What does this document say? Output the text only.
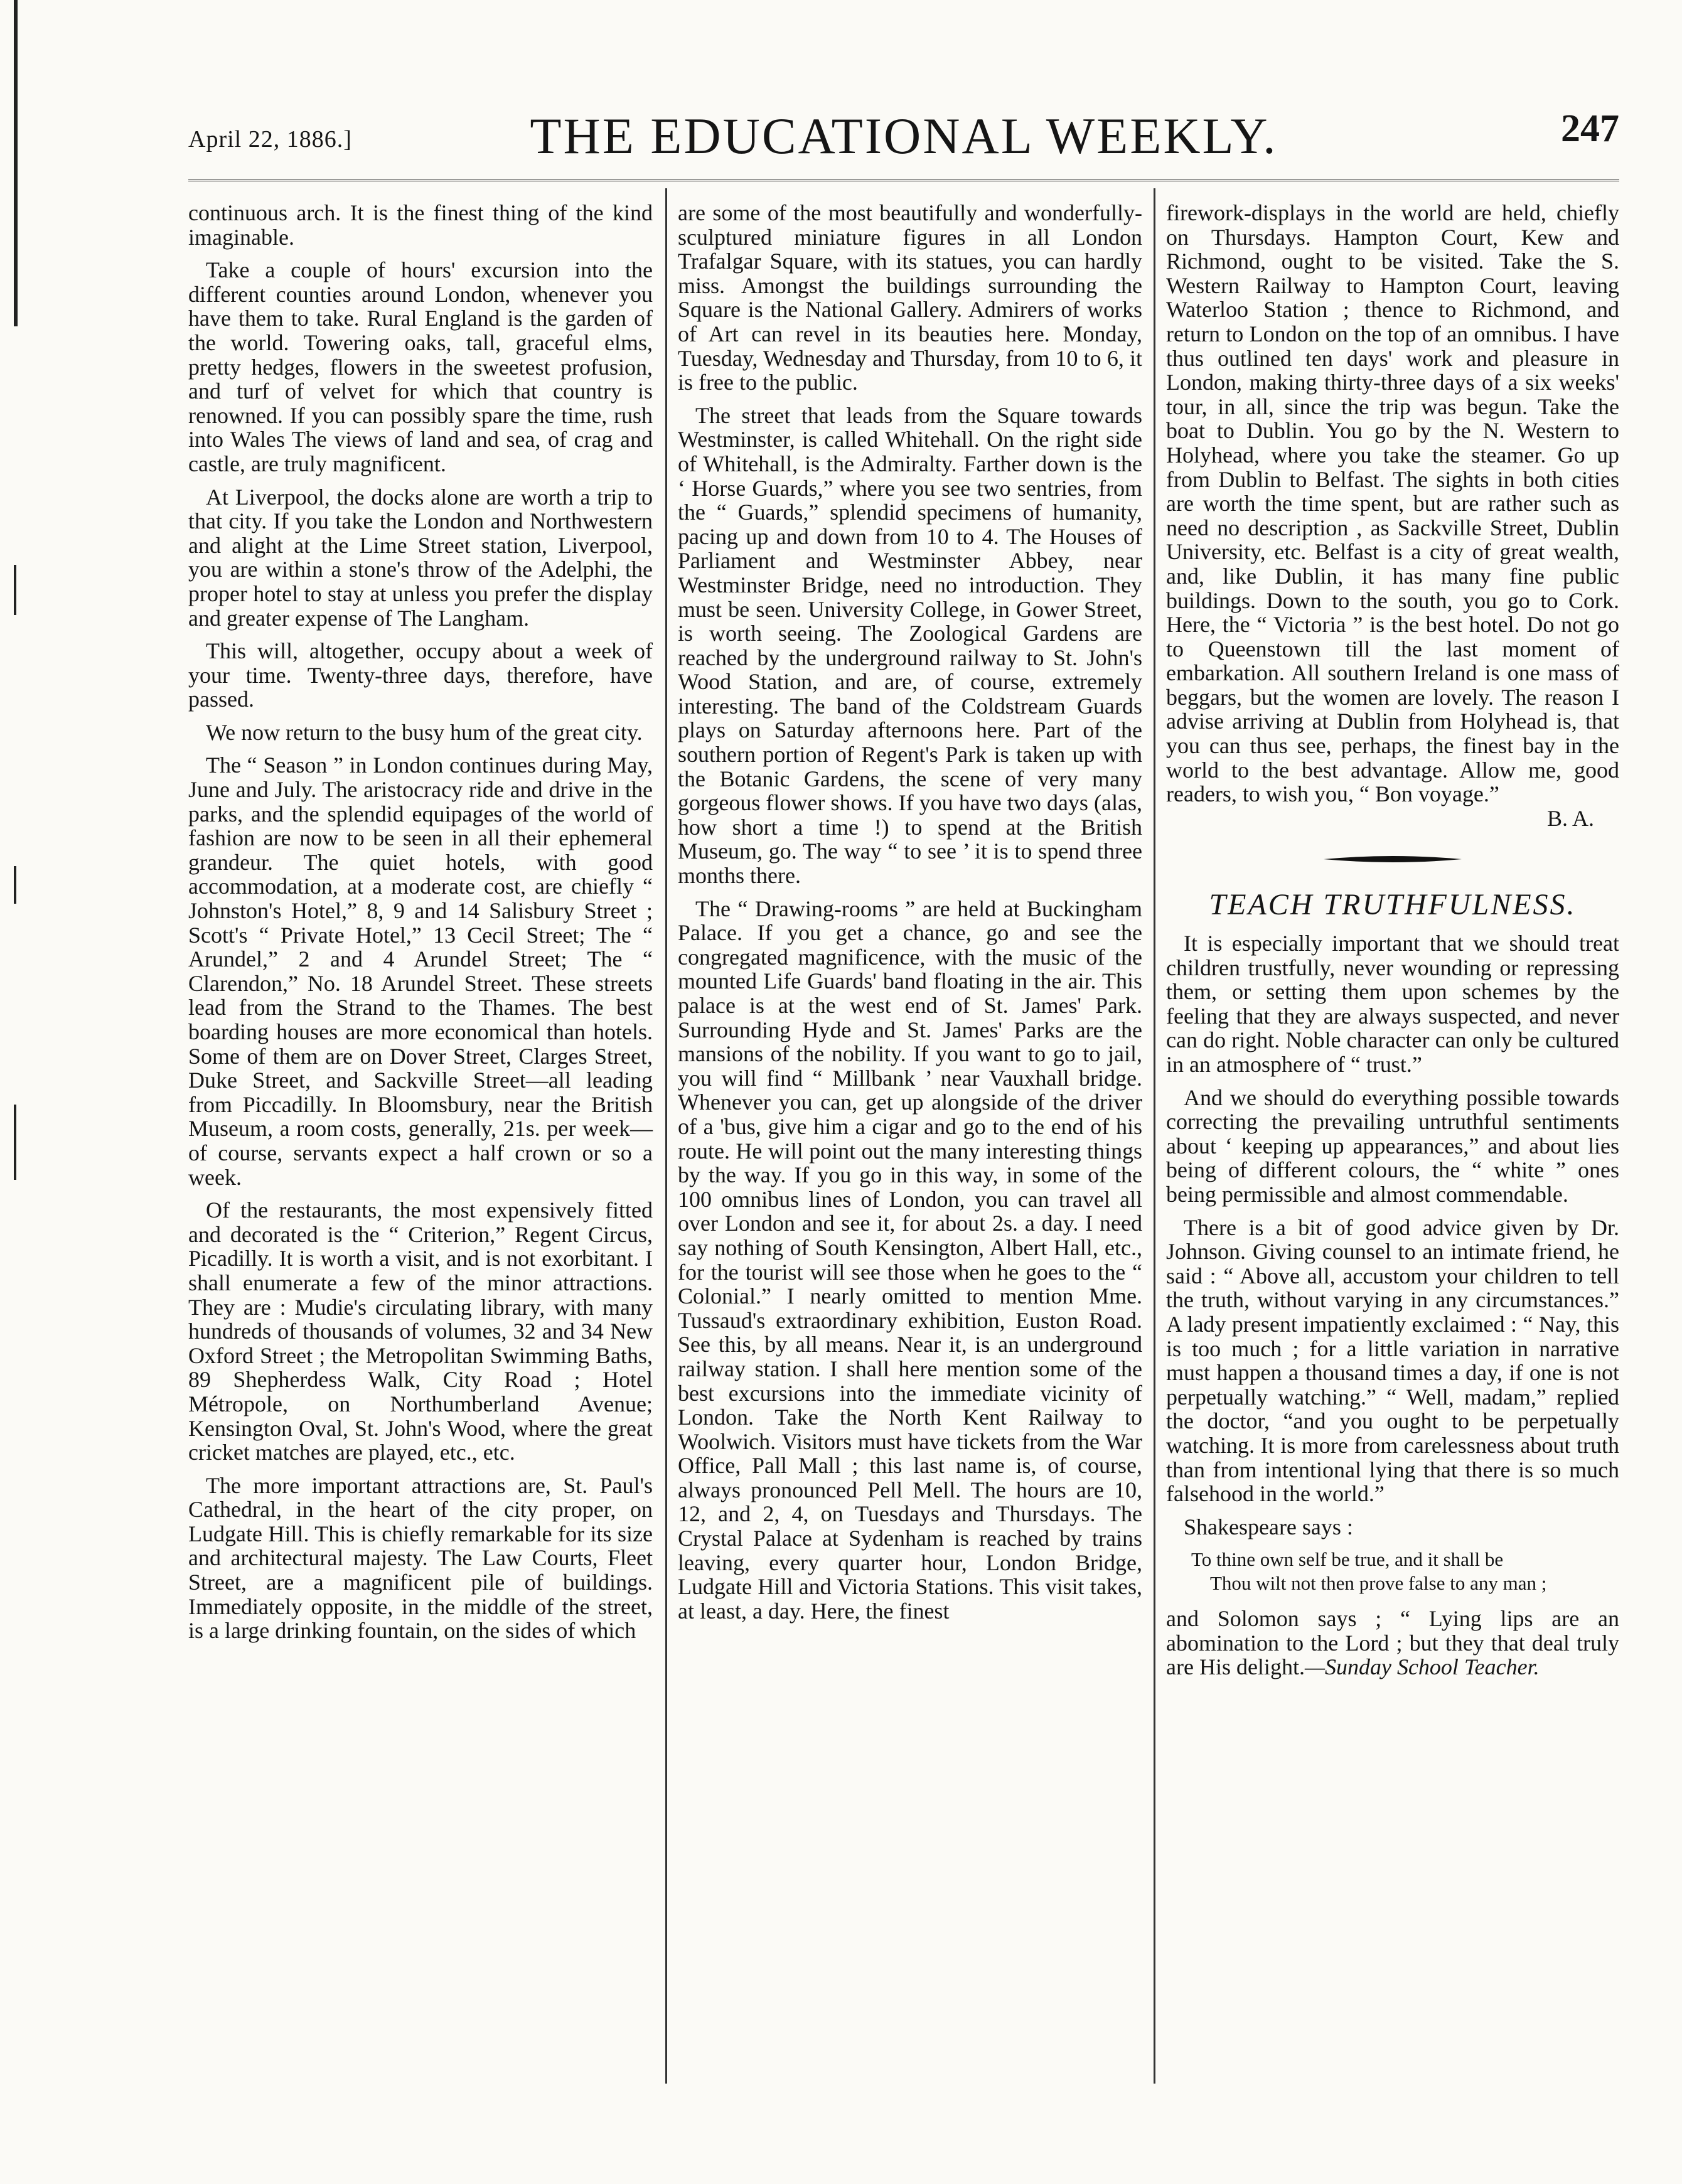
April 22, 1886.]	THE EDUCATIONAL WEEKLY.	247

continuous arch. It is the finest thing of the kind imaginable.

Take a couple of hours' excursion into the different counties around London, whenever you have them to take. Rural England is the garden of the world. Towering oaks, tall, graceful elms, pretty hedges, flowers in the sweetest profusion, and turf of velvet for which that country is renowned. If you can possibly spare the time, rush into Wales The views of land and sea, of crag and castle, are truly magnificent.

At Liverpool, the docks alone are worth a trip to that city. If you take the London and Northwestern and alight at the Lime Street station, Liverpool, you are within a stone's throw of the Adelphi, the proper hotel to stay at unless you prefer the display and greater expense of The Langham.

This will, altogether, occupy about a week of your time. Twenty-three days, therefore, have passed.

We now return to the busy hum of the great city.

The “ Season ” in London continues during May, June and July. The aristocracy ride and drive in the parks, and the splendid equipages of the world of fashion are now to be seen in all their ephemeral grandeur. The quiet hotels, with good accommodation, at a moderate cost, are chiefly “ Johnston's Hotel,” 8, 9 and 14 Salisbury Street ; Scott's “ Private Hotel,” 13 Cecil Street; The “ Arundel,” 2 and 4 Arundel Street; The “ Clarendon,” No. 18 Arundel Street. These streets lead from the Strand to the Thames. The best boarding houses are more economical than hotels. Some of them are on Dover Street, Clarges Street, Duke Street, and Sackville Street—all leading from Piccadilly. In Bloomsbury, near the British Museum, a room costs, generally, 21s. per week—of course, servants expect a half crown or so a week.

Of the restaurants, the most expensively fitted and decorated is the “ Criterion,” Regent Circus, Picadilly. It is worth a visit, and is not exorbitant. I shall enumerate a few of the minor attractions. They are : Mudie's circulating library, with many hundreds of thousands of volumes, 32 and 34 New Oxford Street ; the Metropolitan Swimming Baths, 89 Shepherdess Walk, City Road ; Hotel Métropole, on Northumberland Avenue; Kensington Oval, St. John's Wood, where the great cricket matches are played, etc., etc.

The more important attractions are, St. Paul's Cathedral, in the heart of the city proper, on Ludgate Hill. This is chiefly remarkable for its size and architectural majesty. The Law Courts, Fleet Street, are a magnificent pile of buildings. Immediately opposite, in the middle of the street, is a large drinking fountain, on the sides of which

are some of the most beautifully and wonderfully-sculptured miniature figures in all London Trafalgar Square, with its statues, you can hardly miss. Amongst the buildings surrounding the Square is the National Gallery. Admirers of works of Art can revel in its beauties here. Monday, Tuesday, Wednesday and Thursday, from 10 to 6, it is free to the public.

The street that leads from the Square towards Westminster, is called Whitehall. On the right side of Whitehall, is the Admiralty. Farther down is the ‘ Horse Guards,” where you see two sentries, from the “ Guards,” splendid specimens of humanity, pacing up and down from 10 to 4. The Houses of Parliament and Westminster Abbey, near Westminster Bridge, need no introduction. They must be seen. University College, in Gower Street, is worth seeing. The Zoological Gardens are reached by the underground railway to St. John's Wood Station, and are, of course, extremely interesting. The band of the Coldstream Guards plays on Saturday afternoons here. Part of the southern portion of Regent's Park is taken up with the Botanic Gardens, the scene of very many gorgeous flower shows. If you have two days (alas, how short a time !) to spend at the British Museum, go. The way “ to see ’ it is to spend three months there.

The “ Drawing-rooms ” are held at Buckingham Palace. If you get a chance, go and see the congregated magnificence, with the music of the mounted Life Guards' band floating in the air. This palace is at the west end of St. James' Park. Surrounding Hyde and St. James' Parks are the mansions of the nobility. If you want to go to jail, you will find “ Millbank ’ near Vauxhall bridge. Whenever you can, get up alongside of the driver of a 'bus, give him a cigar and go to the end of his route. He will point out the many interesting things by the way. If you go in this way, in some of the 100 omnibus lines of London, you can travel all over London and see it, for about 2s. a day. I need say nothing of South Kensington, Albert Hall, etc., for the tourist will see those when he goes to the “ Colonial.” I nearly omitted to mention Mme. Tussaud's extraordinary exhibition, Euston Road. See this, by all means. Near it, is an underground railway station. I shall here mention some of the best excursions into the immediate vicinity of London. Take the North Kent Railway to Woolwich. Visitors must have tickets from the War Office, Pall Mall ; this last name is, of course, always pronounced Pell Mell. The hours are 10, 12, and 2, 4, on Tuesdays and Thursdays. The Crystal Palace at Sydenham is reached by trains leaving, every quarter hour, London Bridge, Ludgate Hill and Victoria Stations. This visit takes, at least, a day. Here, the finest

firework-displays in the world are held, chiefly on Thursdays. Hampton Court, Kew and Richmond, ought to be visited. Take the S. Western Railway to Hampton Court, leaving Waterloo Station ; thence to Richmond, and return to London on the top of an omnibus. I have thus outlined ten days' work and pleasure in London, making thirty-three days of a six weeks' tour, in all, since the trip was begun. Take the boat to Dublin. You go by the N. Western to Holyhead, where you take the steamer. Go up from Dublin to Belfast. The sights in both cities are worth the time spent, but are rather such as need no description , as Sackville Street, Dublin University, etc. Belfast is a city of great wealth, and, like Dublin, it has many fine public buildings. Down to the south, you go to Cork. Here, the “ Victoria ” is the best hotel. Do not go to Queenstown till the last moment of embarkation. All southern Ireland is one mass of beggars, but the women are lovely. The reason I advise arriving at Dublin from Holyhead is, that you can thus see, perhaps, the finest bay in the world to the best advantage. Allow me, good readers, to wish you, “ Bon voyage.”

B. A.
TEACH TRUTHFULNESS.

It is especially important that we should treat children trustfully, never wounding or repressing them, or setting them upon schemes by the feeling that they are always suspected, and never can do right. Noble character can only be cultured in an atmosphere of “ trust.”

And we should do everything possible towards correcting the prevailing untruthful sentiments about ‘ keeping up appearances,” and about lies being of different colours, the “ white ” ones being permissible and almost commendable.

There is a bit of good advice given by Dr. Johnson. Giving counsel to an intimate friend, he said : “ Above all, accustom your children to tell the truth, without varying in any circumstances.” A lady present impatiently exclaimed : “ Nay, this is too much ; for a little variation in narrative must happen a thousand times a day, if one is not perpetually watching.” “ Well, madam,” replied the doctor, “and you ought to be perpetually watching. It is more from carelessness about truth than from intentional lying that there is so much falsehood in the world.”

Shakespeare says :

To thine own self be true, and it shall be
Thou wilt not then prove false to any man ;

and Solomon says ; “ Lying lips are an abomination to the Lord ; but they that deal truly are His delight.—Sunday School Teacher.
